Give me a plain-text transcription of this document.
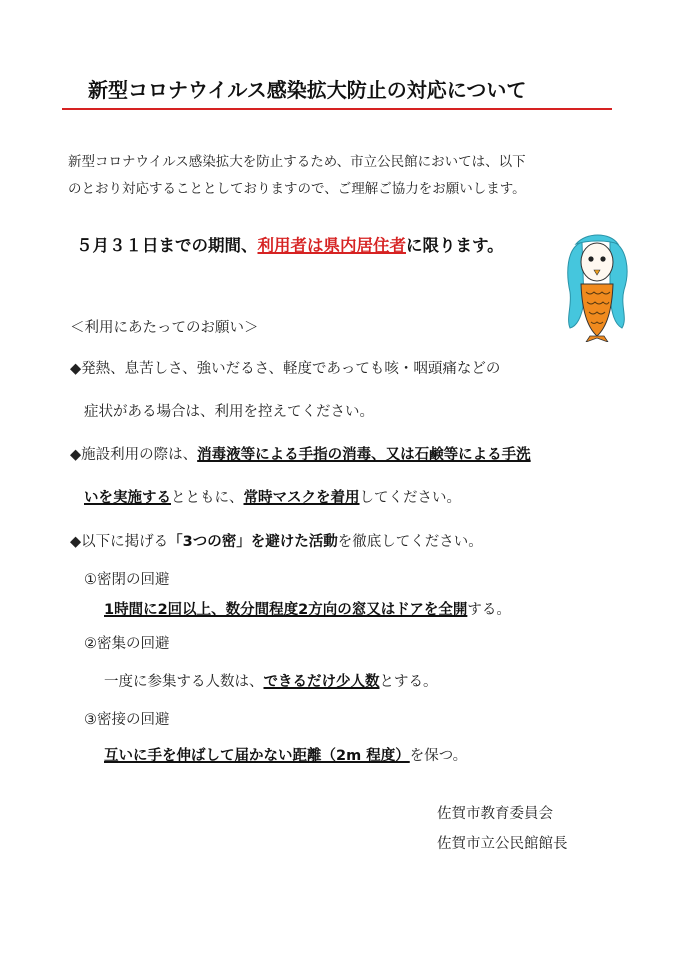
新型コロナウイルス感染拡大防止の対応について
新型コロナウイルス感染拡大を防止するため、市立公民館においては、以下
のとおり対応することとしておりますので、ご理解ご協力をお願いします。
５月３１日までの期間、利用者は県内居住者に限ります。
＜利用にあたってのお願い＞
◆発熱、息苦しさ、強いだるさ、軽度であっても咳・咽頭痛などの
症状がある場合は、利用を控えてください。
◆施設利用の際は、消毒液等による手指の消毒、又は石鹸等による手洗
いを実施するとともに、常時マスクを着用してください。
◆以下に掲げる「3つの密」を避けた活動を徹底してください。
①密閉の回避
1時間に2回以上、数分間程度2方向の窓又はドアを全開する。
②密集の回避
一度に参集する人数は、できるだけ少人数とする。
③密接の回避
互いに手を伸ばして届かない距離（2m 程度）を保つ。
佐賀市教育委員会
佐賀市立公民館館長
